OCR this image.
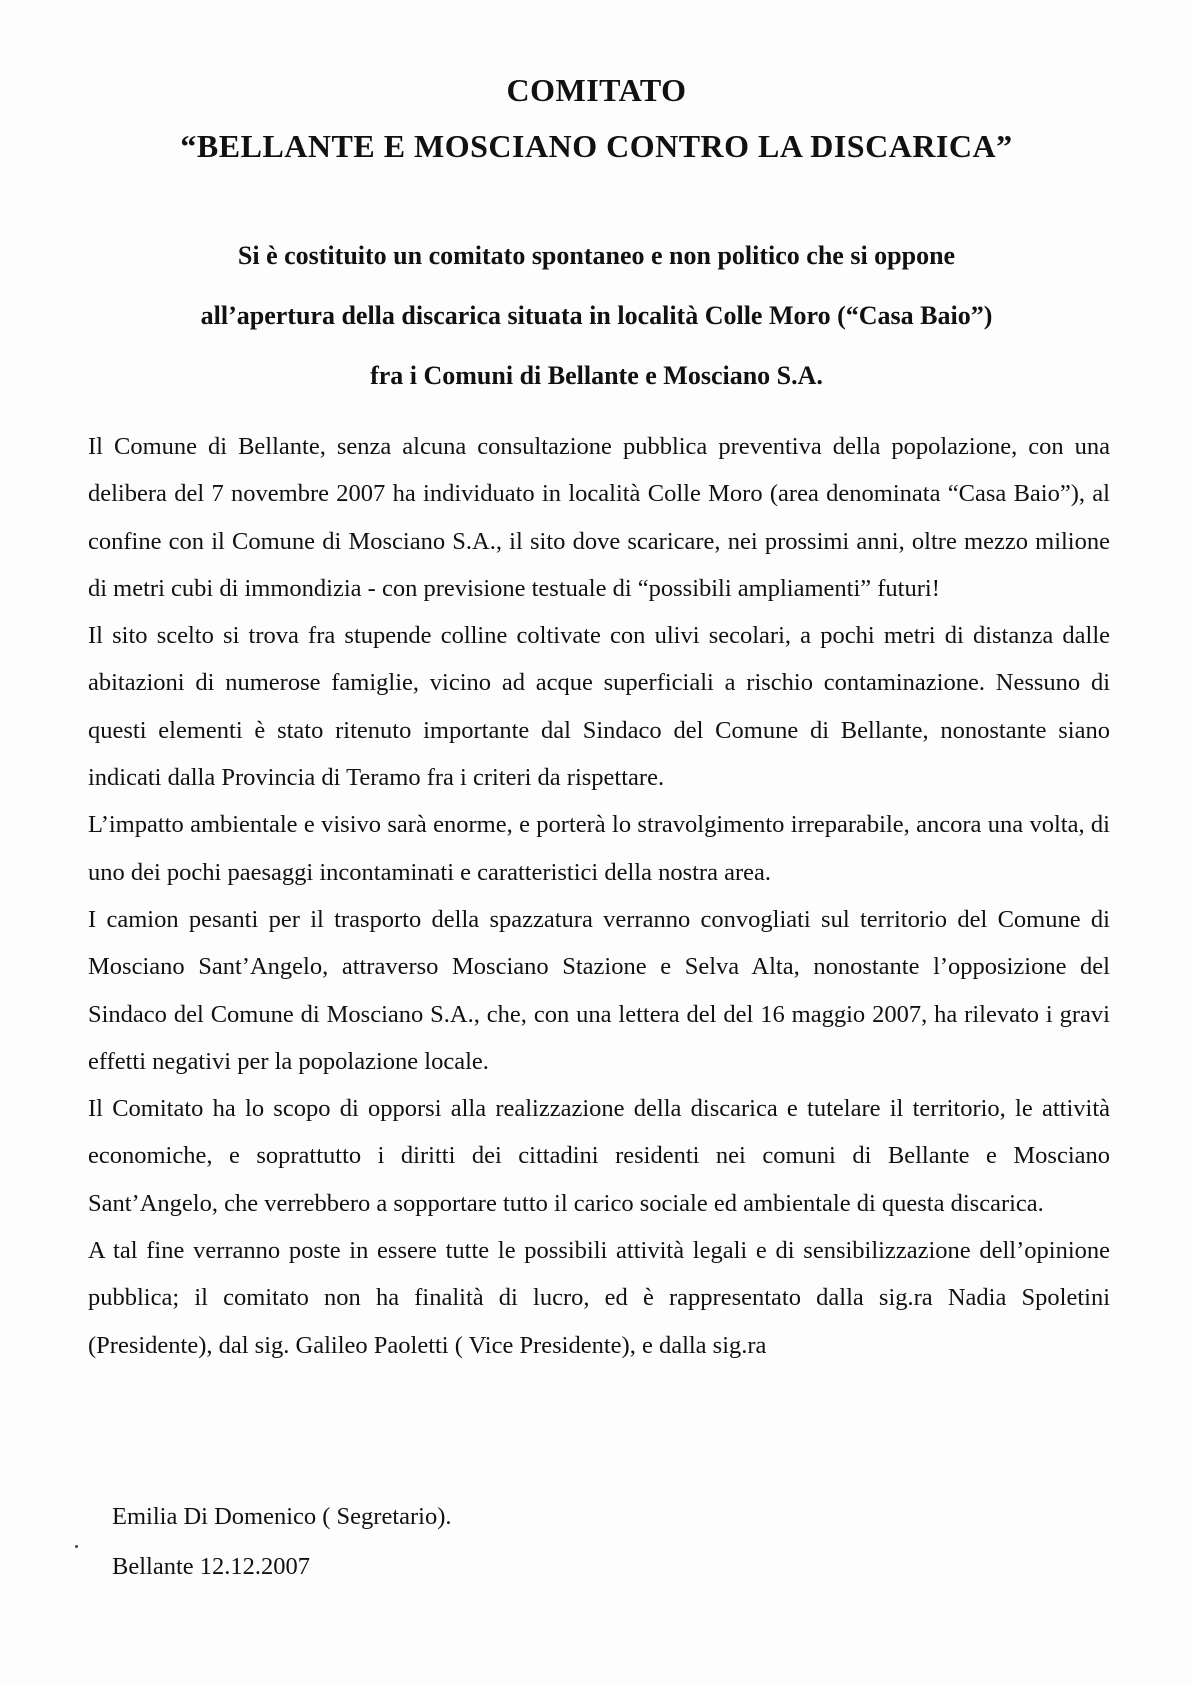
COMITATO
“BELLANTE E MOSCIANO CONTRO LA DISCARICA”
Si è costituito un comitato spontaneo e non politico che si oppone
all’apertura della discarica situata in località Colle Moro (“Casa Baio”)
fra i Comuni di Bellante e Mosciano S.A.

Il Comune di Bellante, senza alcuna consultazione pubblica preventiva della popolazione, con una delibera del 7 novembre 2007 ha individuato in località Colle Moro (area denominata “Casa Baio”), al confine con il Comune di Mosciano S.A., il sito dove scaricare, nei prossimi anni, oltre mezzo milione di metri cubi di immondizia - con previsione testuale di “possibili ampliamenti” futuri!

Il sito scelto si trova fra stupende colline coltivate con ulivi secolari, a pochi metri di distanza dalle abitazioni di numerose famiglie, vicino ad acque superficiali a rischio contaminazione. Nessuno di questi elementi è stato ritenuto importante dal Sindaco del Comune di Bellante, nonostante siano indicati dalla Provincia di Teramo fra i criteri da rispettare.

L’impatto ambientale e visivo sarà enorme, e porterà lo stravolgimento irreparabile, ancora una volta, di uno dei pochi paesaggi incontaminati e caratteristici della nostra area.

I camion pesanti per il trasporto della spazzatura verranno convogliati sul territorio del Comune di Mosciano Sant’Angelo, attraverso Mosciano Stazione e Selva Alta, nonostante l’opposizione del Sindaco del Comune di Mosciano S.A., che, con una lettera del del 16 maggio 2007, ha rilevato i gravi effetti negativi per la popolazione locale.

Il Comitato ha lo scopo di opporsi alla realizzazione della discarica e tutelare il territorio, le attività economiche, e soprattutto i diritti dei cittadini residenti nei comuni di Bellante e Mosciano Sant’Angelo, che verrebbero a sopportare tutto il carico sociale ed ambientale di questa discarica.

A tal fine verranno poste in essere tutte le possibili attività legali e di sensibilizzazione dell’opinione pubblica; il comitato non ha finalità di lucro, ed è rappresentato dalla sig.ra Nadia Spoletini (Presidente), dal sig. Galileo Paoletti ( Vice Presidente), e dalla sig.ra

Emilia Di Domenico ( Segretario).
Bellante 12.12.2007
